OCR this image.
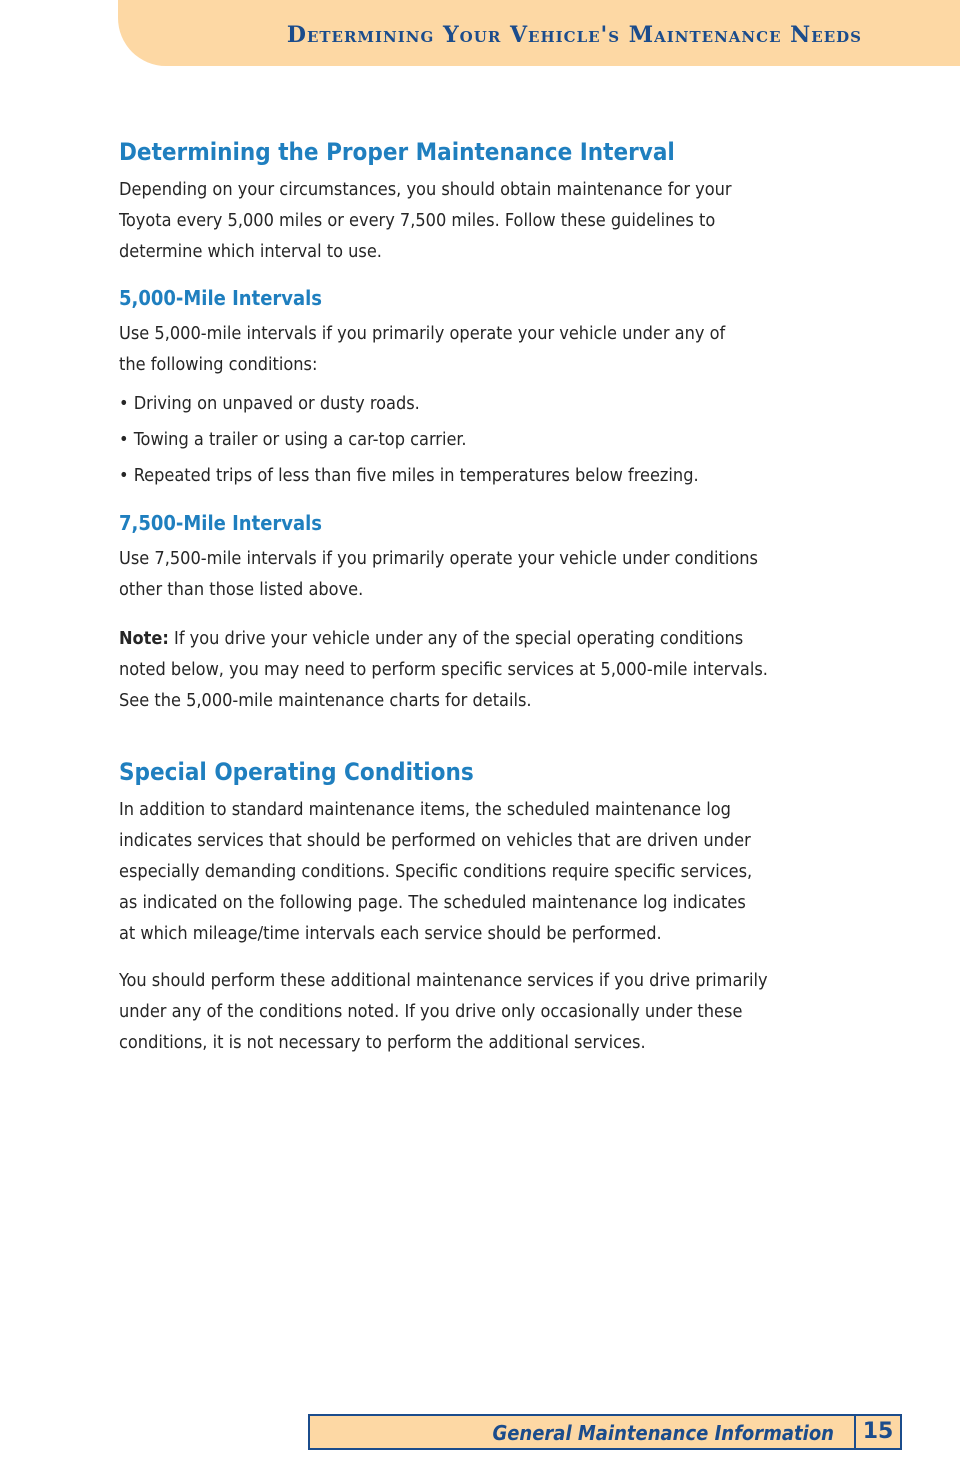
Determining Your Vehicle's Maintenance Needs
Determining the Proper Maintenance Interval

Depending on your circumstances, you should obtain maintenance for your
Toyota every 5,000 miles or every 7,500 miles. Follow these guidelines to
determine which interval to use.

5,000-Mile Intervals

Use 5,000-mile intervals if you primarily operate your vehicle under any of
the following conditions:

• Driving on unpaved or dusty roads.
• Towing a trailer or using a car-top carrier.
• Repeated trips of less than five miles in temperatures below freezing.

7,500-Mile Intervals

Use 7,500-mile intervals if you primarily operate your vehicle under conditions
other than those listed above.

Note: If you drive your vehicle under any of the special operating conditions
noted below, you may need to perform specific services at 5,000-mile intervals.
See the 5,000-mile maintenance charts for details.

Special Operating Conditions

In addition to standard maintenance items, the scheduled maintenance log
indicates services that should be performed on vehicles that are driven under
especially demanding conditions. Specific conditions require specific services,
as indicated on the following page. The scheduled maintenance log indicates
at which mileage/time intervals each service should be performed.

You should perform these additional maintenance services if you drive primarily
under any of the conditions noted. If you drive only occasionally under these
conditions, it is not necessary to perform the additional services.

General Maintenance Information	15
